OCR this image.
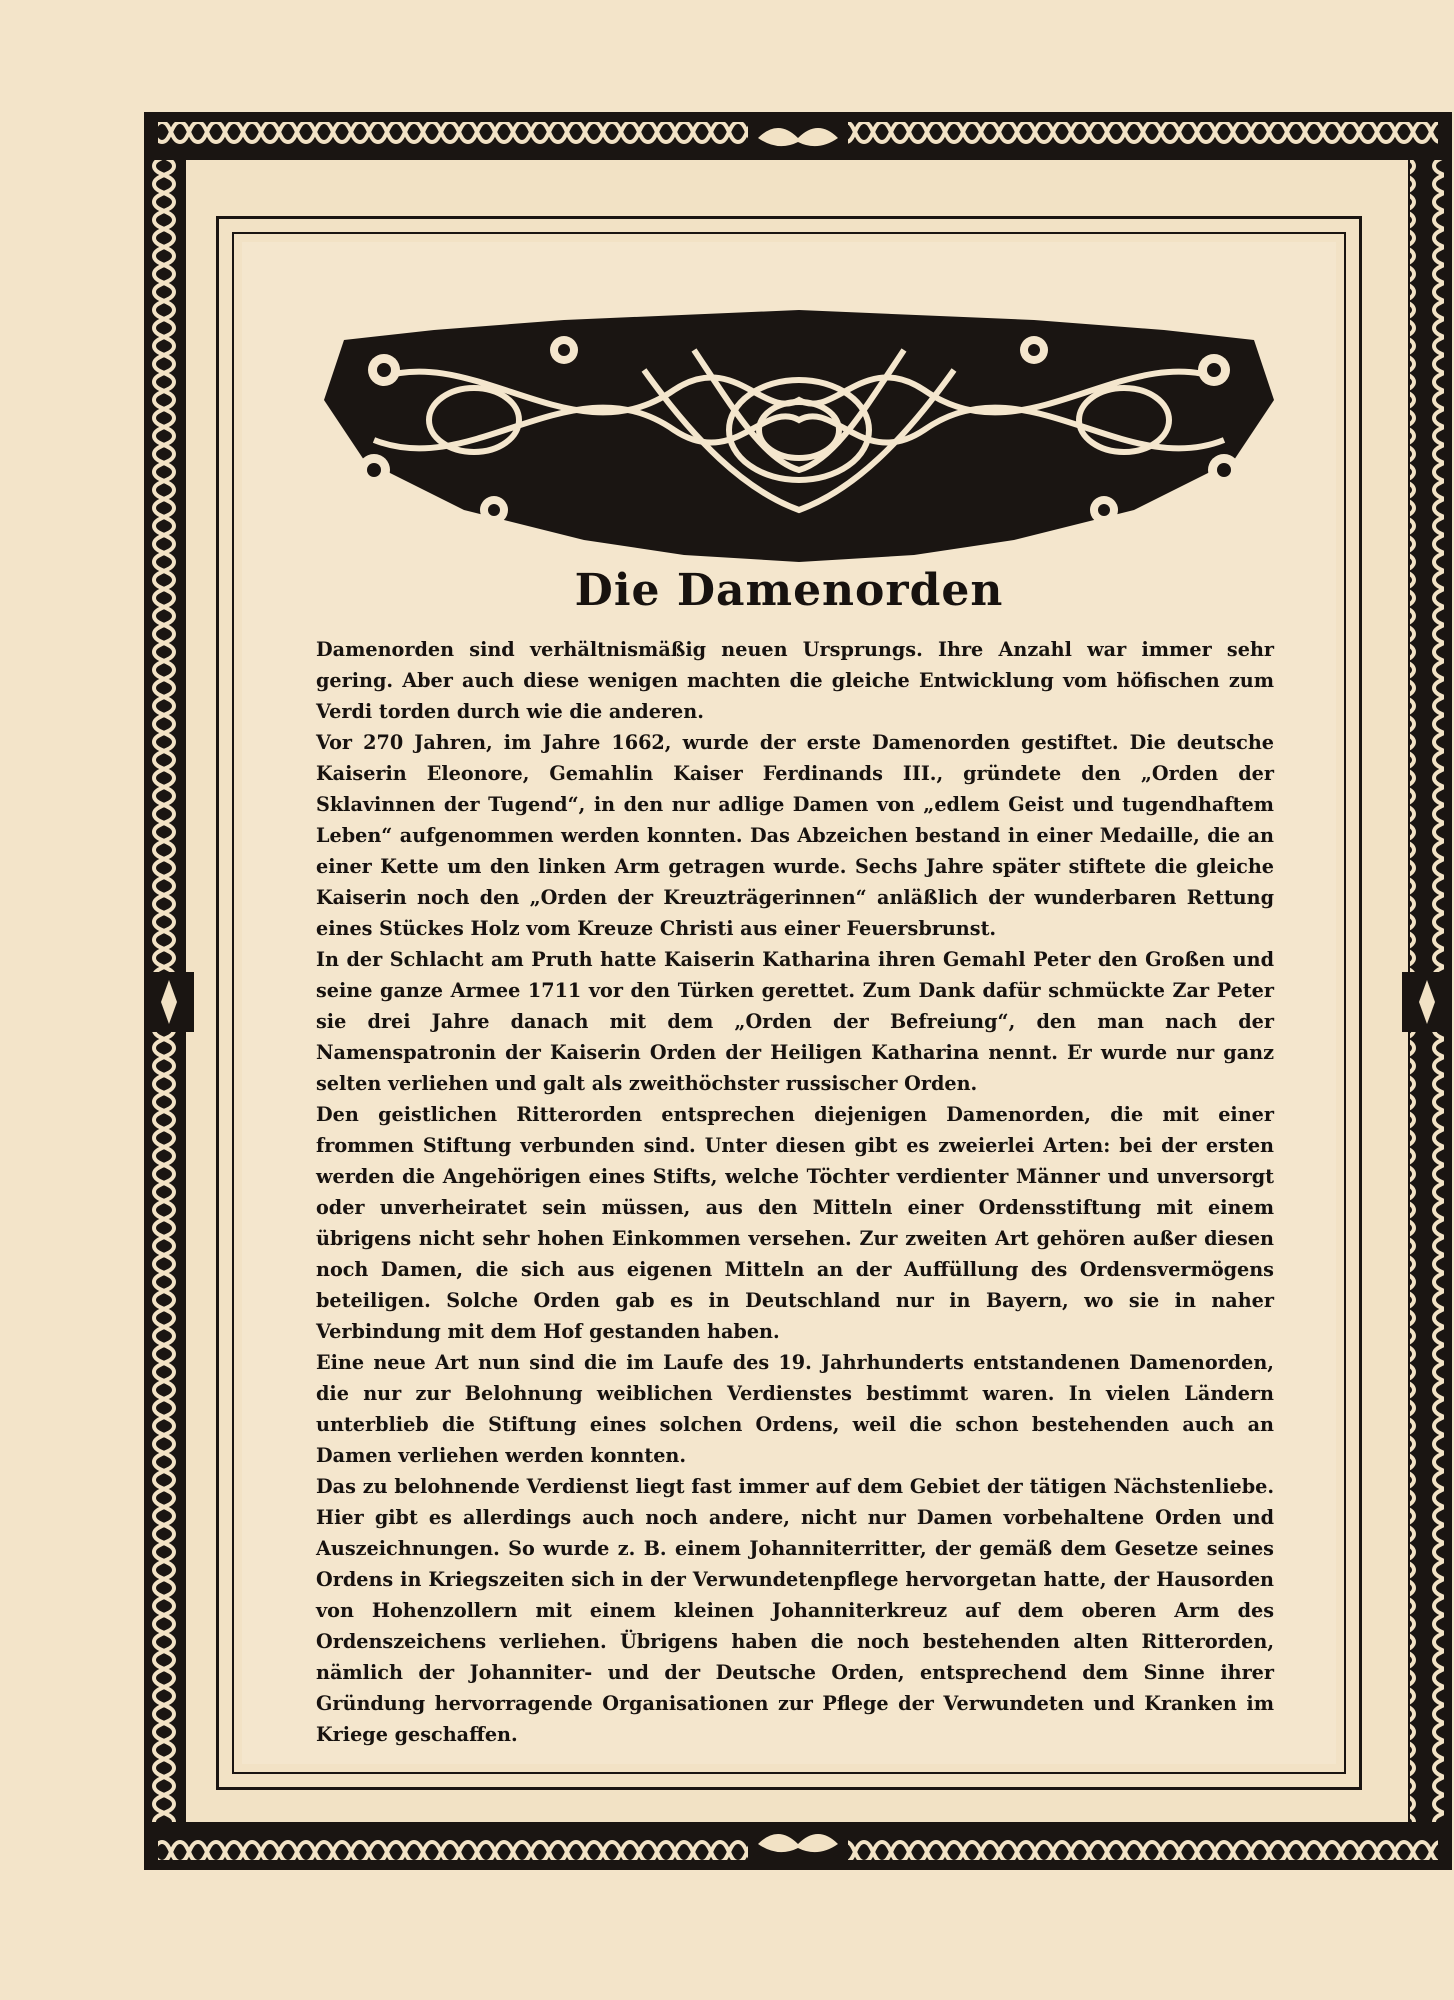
Die Damenorden

Damenorden sind verhältnismäßig neuen Ursprungs. Ihre Anzahl war immer sehr gering. Aber auch diese wenigen machten die gleiche Entwicklung vom höfischen zum Verdi torden durch wie die anderen.

Vor 270 Jahren, im Jahre 1662, wurde der erste Damenorden gestiftet. Die deutsche Kaiserin Eleonore, Gemahlin Kaiser Ferdinands III., gründete den „Orden der Sklavinnen der Tugend“, in den nur adlige Damen von „edlem Geist und tugendhaftem Leben“ aufgenommen werden konnten. Das Abzeichen bestand in einer Medaille, die an einer Kette um den linken Arm getragen wurde. Sechs Jahre später stiftete die gleiche Kaiserin noch den „Orden der Kreuzträgerinnen“ anläßlich der wunderbaren Rettung eines Stückes Holz vom Kreuze Christi aus einer Feuersbrunst.

In der Schlacht am Pruth hatte Kaiserin Katharina ihren Gemahl Peter den Großen und seine ganze Armee 1711 vor den Türken gerettet. Zum Dank dafür schmückte Zar Peter sie drei Jahre danach mit dem „Orden der Befreiung“, den man nach der Namenspatronin der Kaiserin Orden der Heiligen Katharina nennt. Er wurde nur ganz selten verliehen und galt als zweithöchster russischer Orden.

Den geistlichen Ritterorden entsprechen diejenigen Damenorden, die mit einer frommen Stiftung verbunden sind. Unter diesen gibt es zweierlei Arten: bei der ersten werden die Angehörigen eines Stifts, welche Töchter verdienter Männer und unversorgt oder unverheiratet sein müssen, aus den Mitteln einer Ordensstiftung mit einem übrigens nicht sehr hohen Einkommen versehen. Zur zweiten Art gehören außer diesen noch Damen, die sich aus eigenen Mitteln an der Auffüllung des Ordensvermögens beteiligen. Solche Orden gab es in Deutschland nur in Bayern, wo sie in naher Verbindung mit dem Hof gestanden haben.

Eine neue Art nun sind die im Laufe des 19. Jahrhunderts entstandenen Damenorden, die nur zur Belohnung weiblichen Verdienstes bestimmt waren. In vielen Ländern unterblieb die Stiftung eines solchen Ordens, weil die schon bestehenden auch an Damen verliehen werden konnten.

Das zu belohnende Verdienst liegt fast immer auf dem Gebiet der tätigen Nächstenliebe. Hier gibt es allerdings auch noch andere, nicht nur Damen vorbehaltene Orden und Auszeichnungen. So wurde z. B. einem Johanniterritter, der gemäß dem Gesetze seines Ordens in Kriegszeiten sich in der Verwundetenpflege hervorgetan hatte, der Hausorden von Hohenzollern mit einem kleinen Johanniterkreuz auf dem oberen Arm des Ordenszeichens verliehen. Übrigens haben die noch bestehenden alten Ritterorden, nämlich der Johanniter- und der Deutsche Orden, entsprechend dem Sinne ihrer Gründung hervorragende Organisationen zur Pflege der Verwundeten und Kranken im Kriege geschaffen.
